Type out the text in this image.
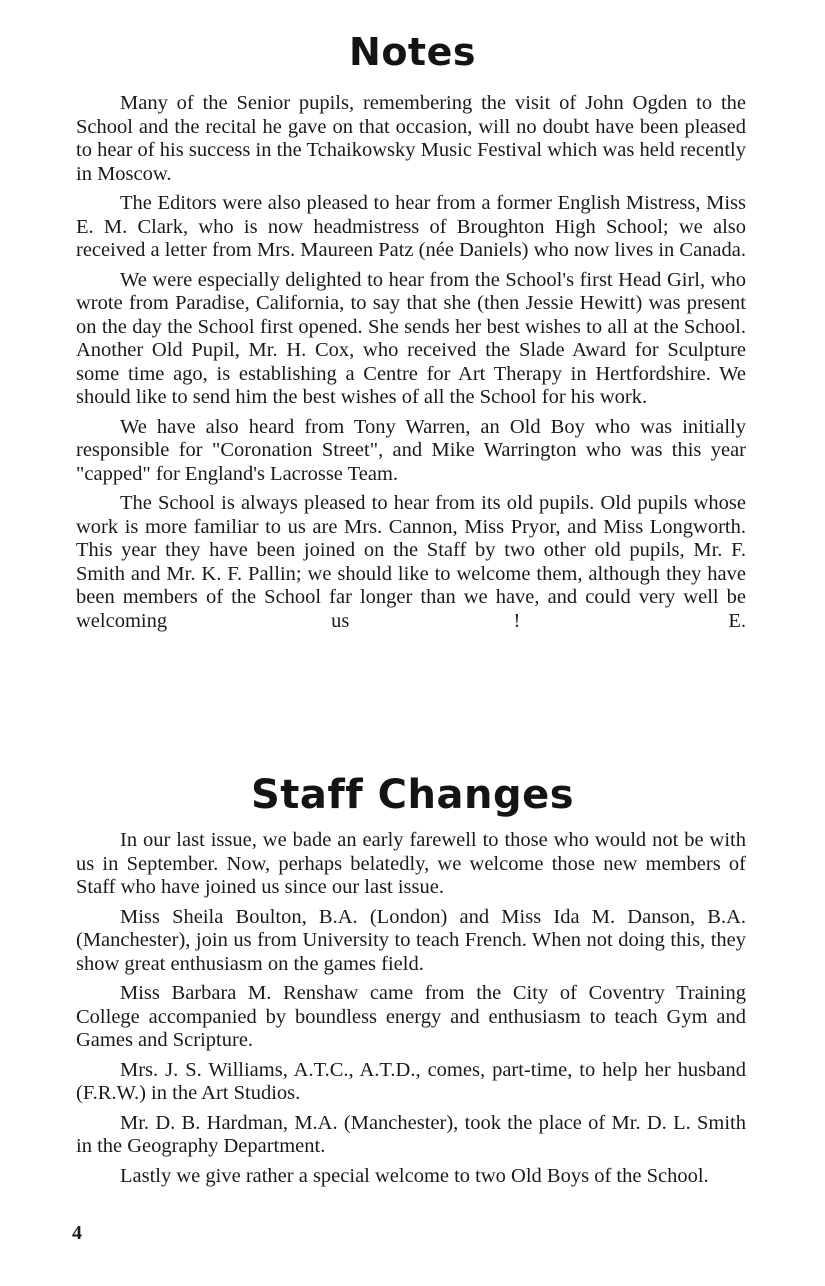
Notes

Many of the Senior pupils, remembering the visit of John Ogden to the School and the recital he gave on that occasion, will no doubt have been pleased to hear of his success in the Tchaikowsky Music Festival which was held recently in Moscow.

The Editors were also pleased to hear from a former English Mistress, Miss E. M. Clark, who is now headmistress of Broughton High School; we also received a letter from Mrs. Maureen Patz (née Daniels) who now lives in Canada.

We were especially delighted to hear from the School's first Head Girl, who wrote from Paradise, California, to say that she (then Jessie Hewitt) was present on the day the School first opened. She sends her best wishes to all at the School. Another Old Pupil, Mr. H. Cox, who received the Slade Award for Sculpture some time ago, is establishing a Centre for Art Therapy in Hertfordshire. We should like to send him the best wishes of all the School for his work.

We have also heard from Tony Warren, an Old Boy who was initially responsible for "Coronation Street", and Mike Warrington who was this year "capped" for England's Lacrosse Team.

The School is always pleased to hear from its old pupils. Old pupils whose work is more familiar to us are Mrs. Cannon, Miss Pryor, and Miss Longworth. This year they have been joined on the Staff by two other old pupils, Mr. F. Smith and Mr. K. F. Pallin; we should like to welcome them, although they have been members of the School far longer than we have, and could very well be welcoming us !	E.

Staff Changes

In our last issue, we bade an early farewell to those who would not be with us in September. Now, perhaps belatedly, we welcome those new members of Staff who have joined us since our last issue.

Miss Sheila Boulton, B.A. (London) and Miss Ida M. Danson, B.A. (Manchester), join us from University to teach French. When not doing this, they show great enthusiasm on the games field.

Miss Barbara M. Renshaw came from the City of Coventry Training College accompanied by boundless energy and enthusiasm to teach Gym and Games and Scripture.

Mrs. J. S. Williams, A.T.C., A.T.D., comes, part-time, to help her husband (F.R.W.) in the Art Studios.

Mr. D. B. Hardman, M.A. (Manchester), took the place of Mr. D. L. Smith in the Geography Department.

Lastly we give rather a special welcome to two Old Boys of the School.

4
